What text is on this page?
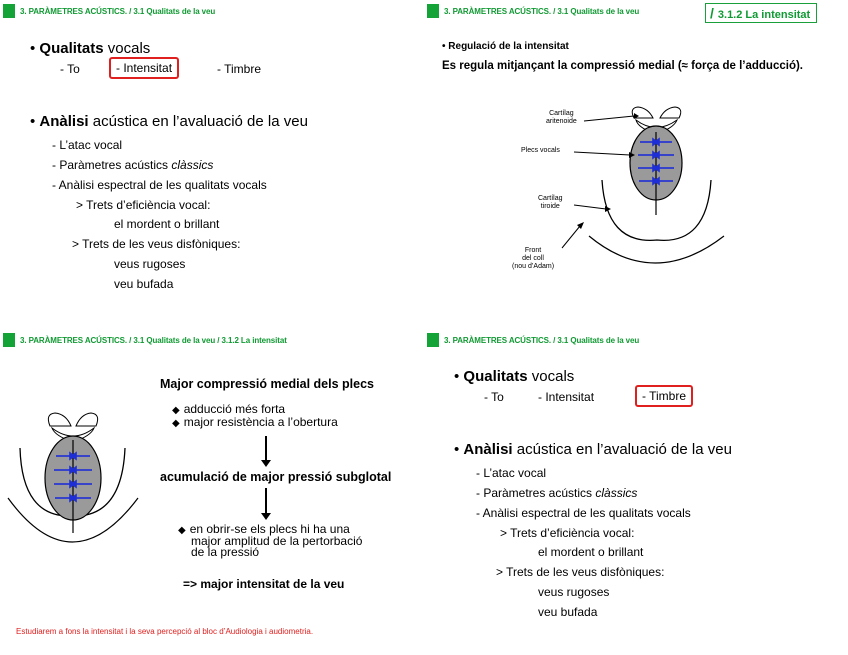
3. PARÀMETRES ACÚSTICS. / 3.1 Qualitats de la veu
• Qualitats vocals
- To	- Intensitat	- Timbre
• Anàlisi acústica en l’avaluació de la veu
- L’atac vocal
- Paràmetres acústics clàssics
- Anàlisi espectral de les qualitats vocals
> Trets d’eficiència vocal:
el mordent o brillant
> Trets de les veus disfòniques:
veus rugoses
veu bufada
3. PARÀMETRES ACÚSTICS. / 3.1 Qualitats de la veu	/ 3.1.2 La intensitat
• Regulació de la intensitat
Es regula mitjançant la compressió medial (≈ força de l’adducció).
Cartílag
aritenoide
Plecs vocals
Cartílag
tiroide
Front
del coll
(nou d’Adam)
3. PARÀMETRES ACÚSTICS. / 3.1 Qualitats de la veu / 3.1.2 La intensitat
Major compressió medial dels plecs
◆ adducció més forta
◆ major resistència a l’obertura
acumulació de major pressió subglotal
◆ en obrir-se els plecs hi ha una
major amplitud de la pertorbació
de la pressió
=> major intensitat de la veu
Estudiarem a fons la intensitat i la seva percepció al bloc d’Audiologia i audiometria.
3. PARÀMETRES ACÚSTICS. / 3.1 Qualitats de la veu
• Qualitats vocals
- To	- Intensitat	- Timbre
• Anàlisi acústica en l’avaluació de la veu
- L’atac vocal
- Paràmetres acústics clàssics
- Anàlisi espectral de les qualitats vocals
> Trets d’eficiència vocal:
el mordent o brillant
> Trets de les veus disfòniques:
veus rugoses
veu bufada
